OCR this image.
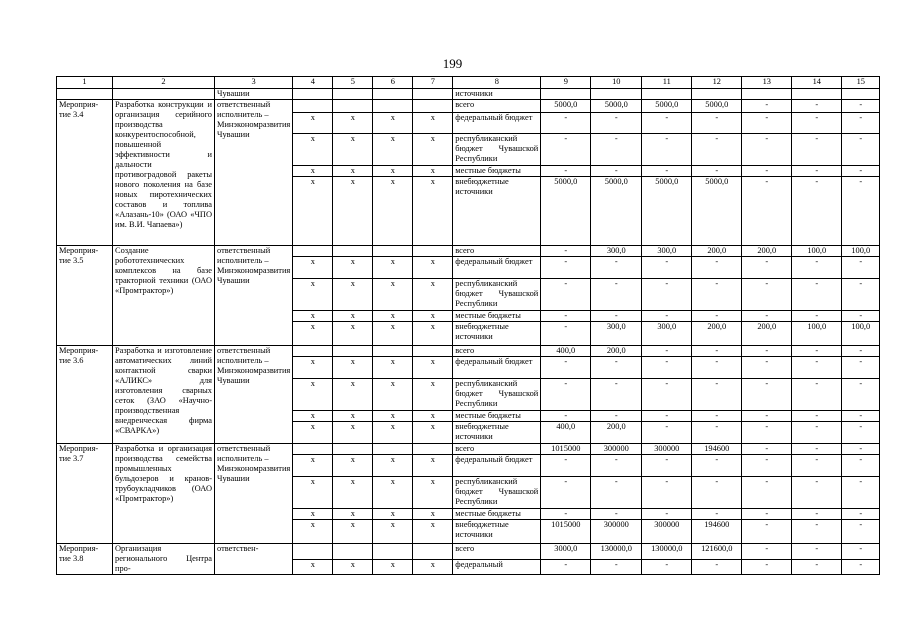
199
1	2	3	4	5	6	7	8	9	10	11	12	13	14	15
		Чувашии					источники							
Мероприя-тие 3.4	Разработка конструкции и организация серийного производства конкурентоспособной, повышенной эффективности и дальности противоградовой ракеты нового поколения на базе новых пиротехнических составов и топлива «Алазань-10» (ОАО «ЧПО им. В.И. Чапаева»)	ответственный исполнитель – Минэкономразвития Чувашии					всего	5000,0	5000,0	5000,0	5000,0	-	-	-
			x	x	x	x	федеральный бюджет	-	-	-	-	-	-	-
			x	x	x	x	республиканский бюджет Чувашской Республики	-	-	-	-	-	-	-
			x	x	x	x	местные бюджеты	-	-	-	-	-	-	-
			x	x	x	x	внебюджетные источники	5000,0	5000,0	5000,0	5000,0	-	-	-
Мероприя-тие 3.5	Создание робототехнических комплексов на базе тракторной техники (ОАО «Промтрактор»)	ответственный исполнитель – Минэкономразвития Чувашии					всего	-	300,0	300,0	200,0	200,0	100,0	100,0
			x	x	x	x	федеральный бюджет	-	-	-	-	-	-	-
			x	x	x	x	республиканский бюджет Чувашской Республики	-	-	-	-	-	-	-
			x	x	x	x	местные бюджеты	-	-	-	-	-	-	-
			x	x	x	x	внебюджетные источники	-	300,0	300,0	200,0	200,0	100,0	100,0
Мероприя-тие 3.6	Разработка и изготовление автоматических линий контактной сварки «АЛИКС» для изготовления сварных сеток (ЗАО «Научно-производственная внедренческая фирма «СВАРКА»)	ответственный исполнитель – Минэкономразвития Чувашии					всего	400,0	200,0	-	-	-	-	-
			x	x	x	x	федеральный бюджет	-	-	-	-	-	-	-
			x	x	x	x	республиканский бюджет Чувашской Республики	-	-	-	-	-	-	-
			x	x	x	x	местные бюджеты	-	-	-	-	-	-	-
			x	x	x	x	внебюджетные источники	400,0	200,0	-	-	-	-	-
Мероприя-тие 3.7	Разработка и организация производства семейства промышленных бульдозеров и кранов-трубоукладчиков (ОАО «Промтрактор»)	ответственный исполнитель – Минэкономразвития Чувашии					всего	1015000	300000	300000	194600	-	-	-
			x	x	x	x	федеральный бюджет	-	-	-	-	-	-	-
			x	x	x	x	республиканский бюджет Чувашской Республики	-	-	-	-	-	-	-
			x	x	x	x	местные бюджеты	-	-	-	-	-	-	-
			x	x	x	x	внебюджетные источники	1015000	300000	300000	194600	-	-	-
Мероприя-тие 3.8	Организация регионального Центра про-	ответствен-					всего	3000,0	130000,0	130000,0	121600,0	-	-	-
			x	x	x	x	федеральный	-	-	-	-	-	-	-
